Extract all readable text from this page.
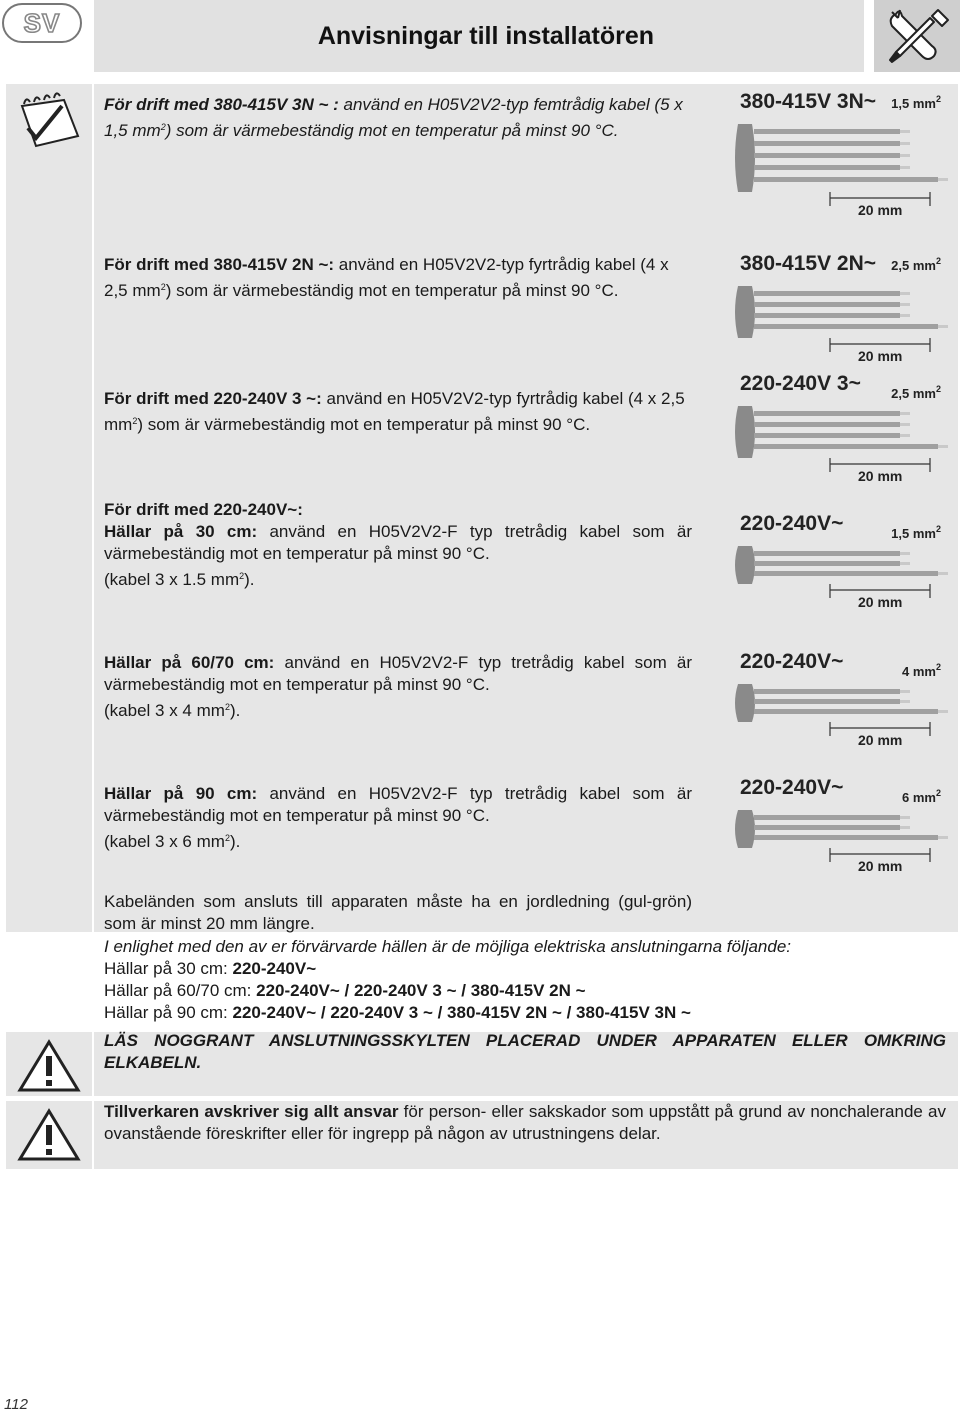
SV	Anvisningar till installatören
För drift med 380-415V 3N ~ : använd en H05V2V2-typ femtrådig kabel (5 x 1,5 $mm^2$) som är värmebeständig mot en temperatur på minst 90 °C.
För drift med 380-415V 2N ~: använd en H05V2V2-typ fyrtrådig kabel (4 x 2,5 $mm^2$) som är värmebeständig mot en temperatur på minst 90 °C.
För drift med 220-240V 3 ~: använd en H05V2V2-typ fyrtrådig kabel (4 x 2,5 $mm^2$) som är värmebeständig mot en temperatur på minst 90 °C.
För drift med 220-240V~:
Hällar på 30 cm: använd en H05V2V2-F typ tretrådig kabel som är värmebeständig mot en temperatur på minst 90 °C.
(kabel 3 x 1.5 $mm^2$).
Hällar på 60/70 cm: använd en H05V2V2-F typ tretrådig kabel som är värmebeständig mot en temperatur på minst 90 °C.
(kabel 3 x 4 $mm^2$).
Hällar på 90 cm: använd en H05V2V2-F typ tretrådig kabel som är värmebeständig mot en temperatur på minst 90 °C.
(kabel 3 x 6 $mm^2$).
380-415V 3N~ 1,5 $mm^2$
20 mm
380-415V 2N~ 2,5 $mm^2$
20 mm
220-240V 3~ 2,5 $mm^2$
20 mm
220-240V~	1,5 $mm^2$
20 mm
220-240V~	4 $mm^2$
20 mm
220-240V~	6 $mm^2$
20 mm
Kabeländen som ansluts till apparaten måste ha en jordledning (gul-grön) som är minst 20 mm längre.
I enlighet med den av er förvärvarde hällen är de möjliga elektriska anslutningarna följande:
Hällar på 30 cm: 220-240V~
Hällar på 60/70 cm: 220-240V~ / 220-240V 3 ~ / 380-415V 2N ~
Hällar på 90 cm: 220-240V~ / 220-240V 3 ~ / 380-415V 2N ~ / 380-415V 3N ~
LÄS NOGGRANT ANSLUTNINGSSKYLTEN PLACERAD UNDER APPARATEN ELLER OMKRING ELKABELN.
Tillverkaren avskriver sig allt ansvar för person- eller sakskador som uppstått på grund av nonchalerande av ovanstående föreskrifter eller för ingrepp på någon av utrustningens delar.
112
